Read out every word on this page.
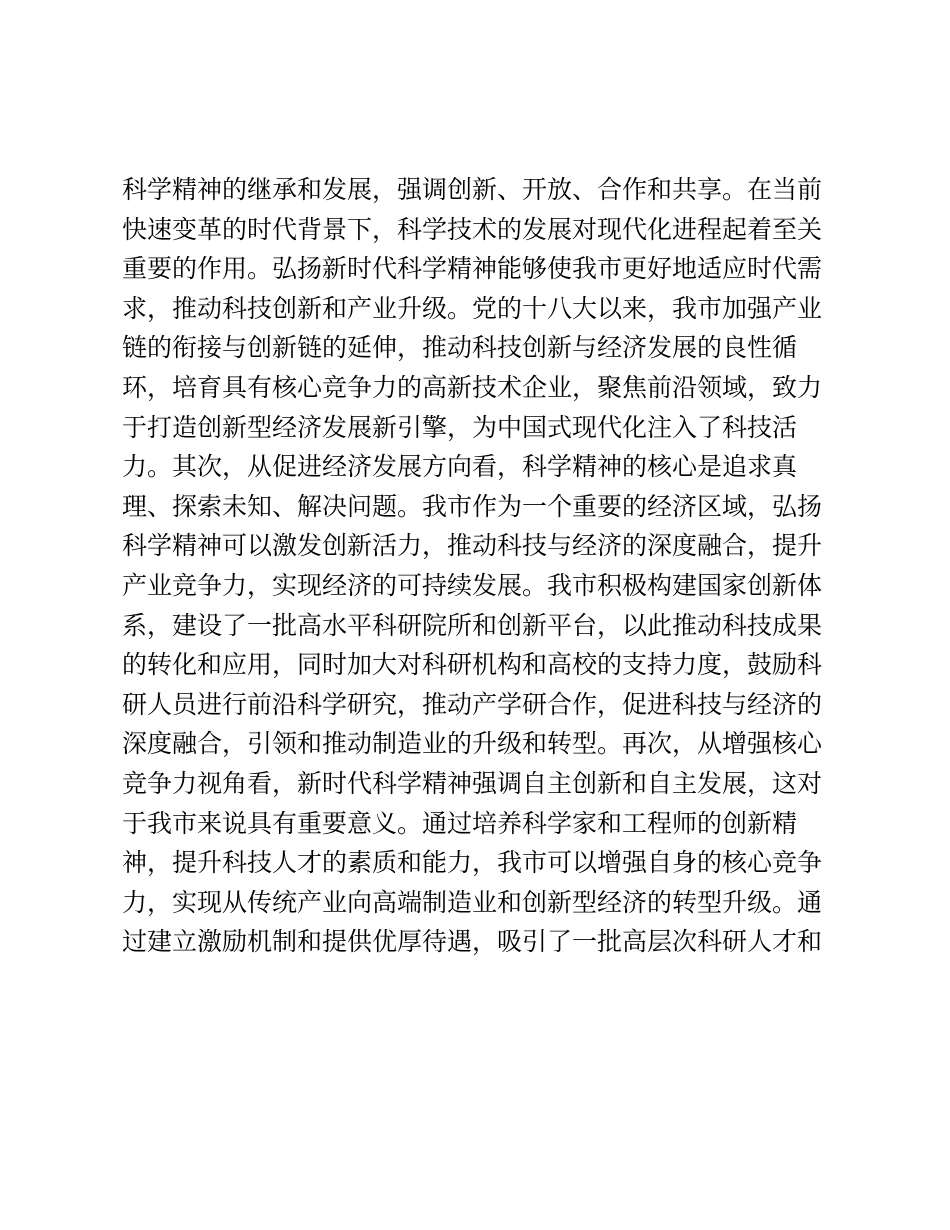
科学精神的继承和发展，强调创新、开放、合作和共享。在当前
快速变革的时代背景下，科学技术的发展对现代化进程起着至关
重要的作用。弘扬新时代科学精神能够使我市更好地适应时代需
求，推动科技创新和产业升级。党的十八大以来，我市加强产业
链的衔接与创新链的延伸，推动科技创新与经济发展的良性循
环，培育具有核心竞争力的高新技术企业，聚焦前沿领域，致力
于打造创新型经济发展新引擎，为中国式现代化注入了科技活
力。其次，从促进经济发展方向看，科学精神的核心是追求真
理、探索未知、解决问题。我市作为一个重要的经济区域，弘扬
科学精神可以激发创新活力，推动科技与经济的深度融合，提升
产业竞争力，实现经济的可持续发展。我市积极构建国家创新体
系，建设了一批高水平科研院所和创新平台，以此推动科技成果
的转化和应用，同时加大对科研机构和高校的支持力度，鼓励科
研人员进行前沿科学研究，推动产学研合作，促进科技与经济的
深度融合，引领和推动制造业的升级和转型。再次，从增强核心
竞争力视角看，新时代科学精神强调自主创新和自主发展，这对
于我市来说具有重要意义。通过培养科学家和工程师的创新精
神，提升科技人才的素质和能力，我市可以增强自身的核心竞争
力，实现从传统产业向高端制造业和创新型经济的转型升级。通
过建立激励机制和提供优厚待遇，吸引了一批高层次科研人才和
